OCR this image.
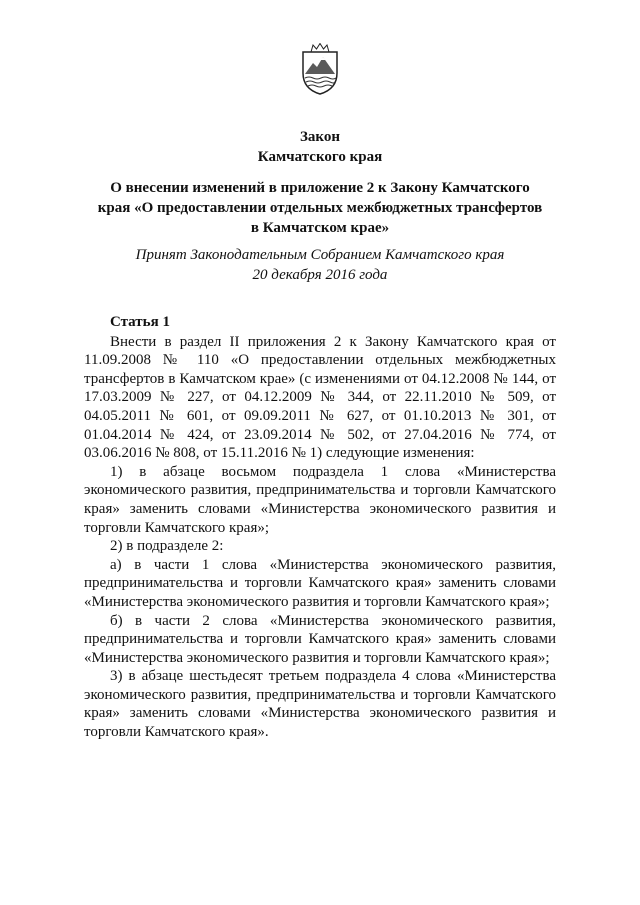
Закон
Камчатского края
О внесении изменений в приложение 2 к Закону Камчатского края «О предоставлении отдельных межбюджетных трансфертов в Камчатском крае»
Принят Законодательным Собранием Камчатского края
20 декабря 2016 года

Статья 1

Внести в раздел II приложения 2 к Закону Камчатского края от 11.09.2008 № 110 «О предоставлении отдельных межбюджетных трансфертов в Камчатском крае» (с изменениями от 04.12.2008 № 144, от 17.03.2009 № 227, от 04.12.2009 № 344, от 22.11.2010 № 509, от 04.05.2011 № 601, от 09.09.2011 № 627, от 01.10.2013 № 301, от 01.04.2014 № 424, от 23.09.2014 № 502, от 27.04.2016 № 774, от 03.06.2016 № 808, от 15.11.2016 № 1) следующие изменения:

1) в абзаце восьмом подраздела 1 слова «Министерства экономического развития, предпринимательства и торговли Камчатского края» заменить словами «Министерства экономического развития и торговли Камчатского края»;

2) в подразделе 2:

а) в части 1 слова «Министерства экономического развития, предпринимательства и торговли Камчатского края» заменить словами «Министерства экономического развития и торговли Камчатского края»;

б) в части 2 слова «Министерства экономического развития, предпринимательства и торговли Камчатского края» заменить словами «Министерства экономического развития и торговли Камчатского края»;

3) в абзаце шестьдесят третьем подраздела 4 слова «Министерства экономического развития, предпринимательства и торговли Камчатского края» заменить словами «Министерства экономического развития и торговли Камчатского края».
